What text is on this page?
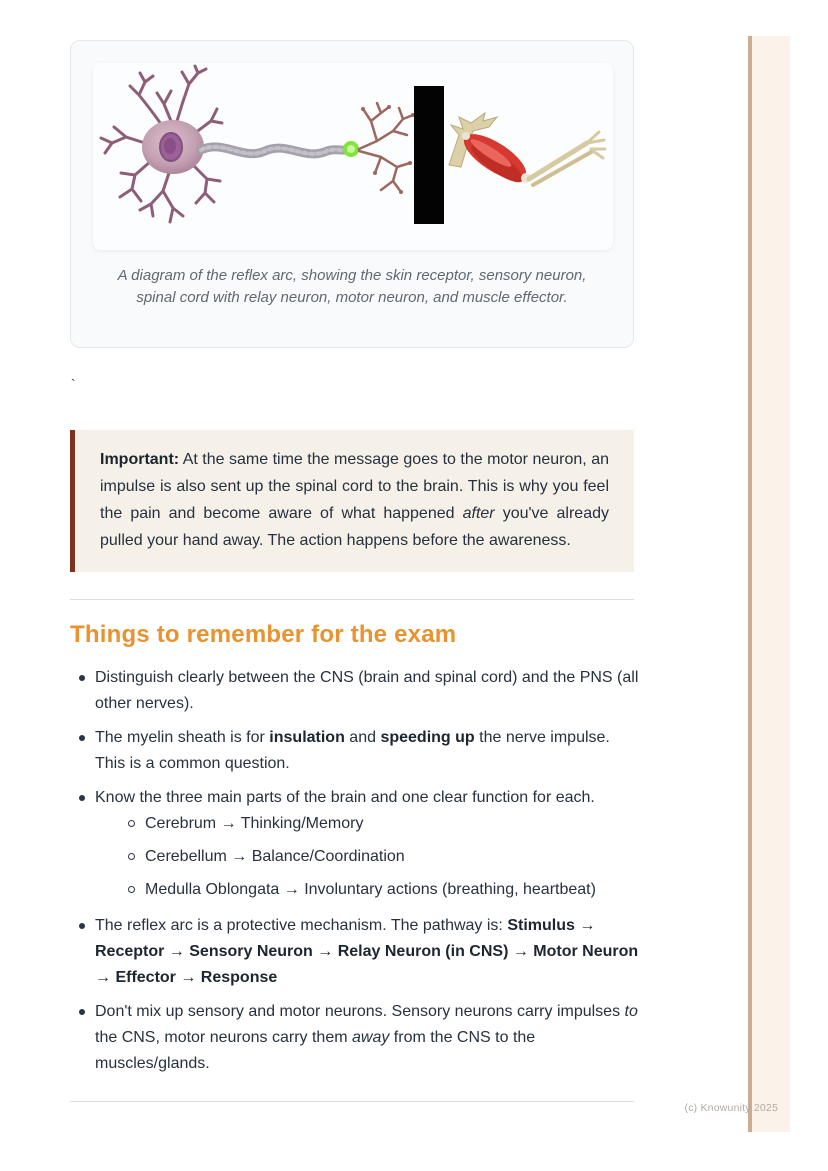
A diagram of the reflex arc, showing the skin receptor, sensory neuron,
spinal cord with relay neuron, motor neuron, and muscle effector.
`
Important: At the same time the message goes to the motor neuron, an impulse is also sent up the spinal cord to the brain. This is why you feel the pain and become aware of what happened after you've already pulled your hand away. The action happens before the awareness.
Things to remember for the exam
Distinguish clearly between the CNS (brain and spinal cord) and the PNS (all other nerves).
The myelin sheath is for insulation and speeding up the nerve impulse. This is a common question.
Know the three main parts of the brain and one clear function for each.
Cerebrum → Thinking/Memory
Cerebellum → Balance/Coordination
Medulla Oblongata → Involuntary actions (breathing, heartbeat)
The reflex arc is a protective mechanism. The pathway is: Stimulus → Receptor → Sensory Neuron → Relay Neuron (in CNS) → Motor Neuron → Effector → Response
Don't mix up sensory and motor neurons. Sensory neurons carry impulses to the CNS, motor neurons carry them away from the CNS to the muscles/glands.
(c) Knowunity 2025
